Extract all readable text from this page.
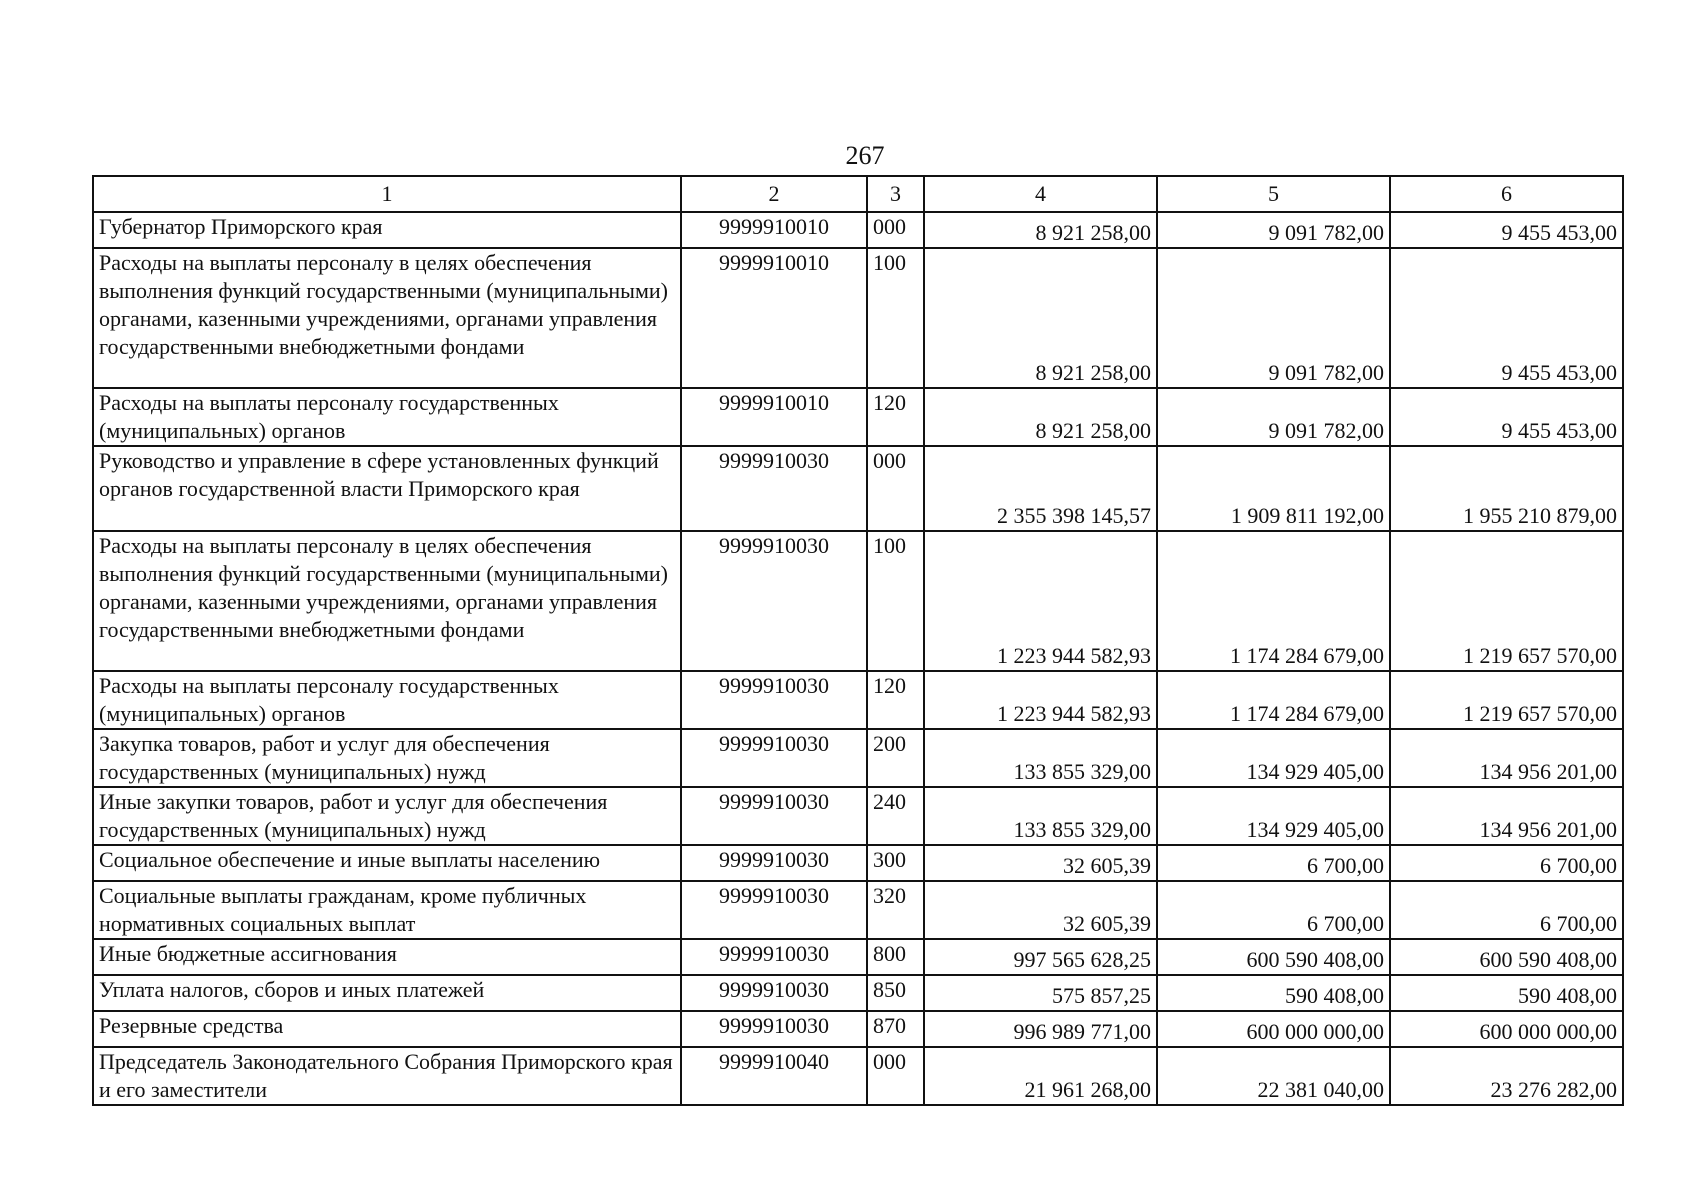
267
1	2	3	4	5	6
Губернатор Приморского края	9999910010	000	8 921 258,00	9 091 782,00	9 455 453,00
Расходы на выплаты персоналу в целях обеспечения выполнения функций государственными (муниципальными) органами, казенными учреждениями, органами управления государственными внебюджетными фондами	9999910010	100	8 921 258,00	9 091 782,00	9 455 453,00
Расходы на выплаты персоналу государственных (муниципальных) органов	9999910010	120	8 921 258,00	9 091 782,00	9 455 453,00
Руководство и управление в сфере установленных функций органов государственной власти Приморского края	9999910030	000	2 355 398 145,57	1 909 811 192,00	1 955 210 879,00
Расходы на выплаты персоналу в целях обеспечения выполнения функций государственными (муниципальными) органами, казенными учреждениями, органами управления государственными внебюджетными фондами	9999910030	100	1 223 944 582,93	1 174 284 679,00	1 219 657 570,00
Расходы на выплаты персоналу государственных (муниципальных) органов	9999910030	120	1 223 944 582,93	1 174 284 679,00	1 219 657 570,00
Закупка товаров, работ и услуг для обеспечения государственных (муниципальных) нужд	9999910030	200	133 855 329,00	134 929 405,00	134 956 201,00
Иные закупки товаров, работ и услуг для обеспечения государственных (муниципальных) нужд	9999910030	240	133 855 329,00	134 929 405,00	134 956 201,00
Социальное обеспечение и иные выплаты населению	9999910030	300	32 605,39	6 700,00	6 700,00
Социальные выплаты гражданам, кроме публичных нормативных социальных выплат	9999910030	320	32 605,39	6 700,00	6 700,00
Иные бюджетные ассигнования	9999910030	800	997 565 628,25	600 590 408,00	600 590 408,00
Уплата налогов, сборов и иных платежей	9999910030	850	575 857,25	590 408,00	590 408,00
Резервные средства	9999910030	870	996 989 771,00	600 000 000,00	600 000 000,00
Председатель Законодательного Собрания Приморского края и его заместители	9999910040	000	21 961 268,00	22 381 040,00	23 276 282,00
